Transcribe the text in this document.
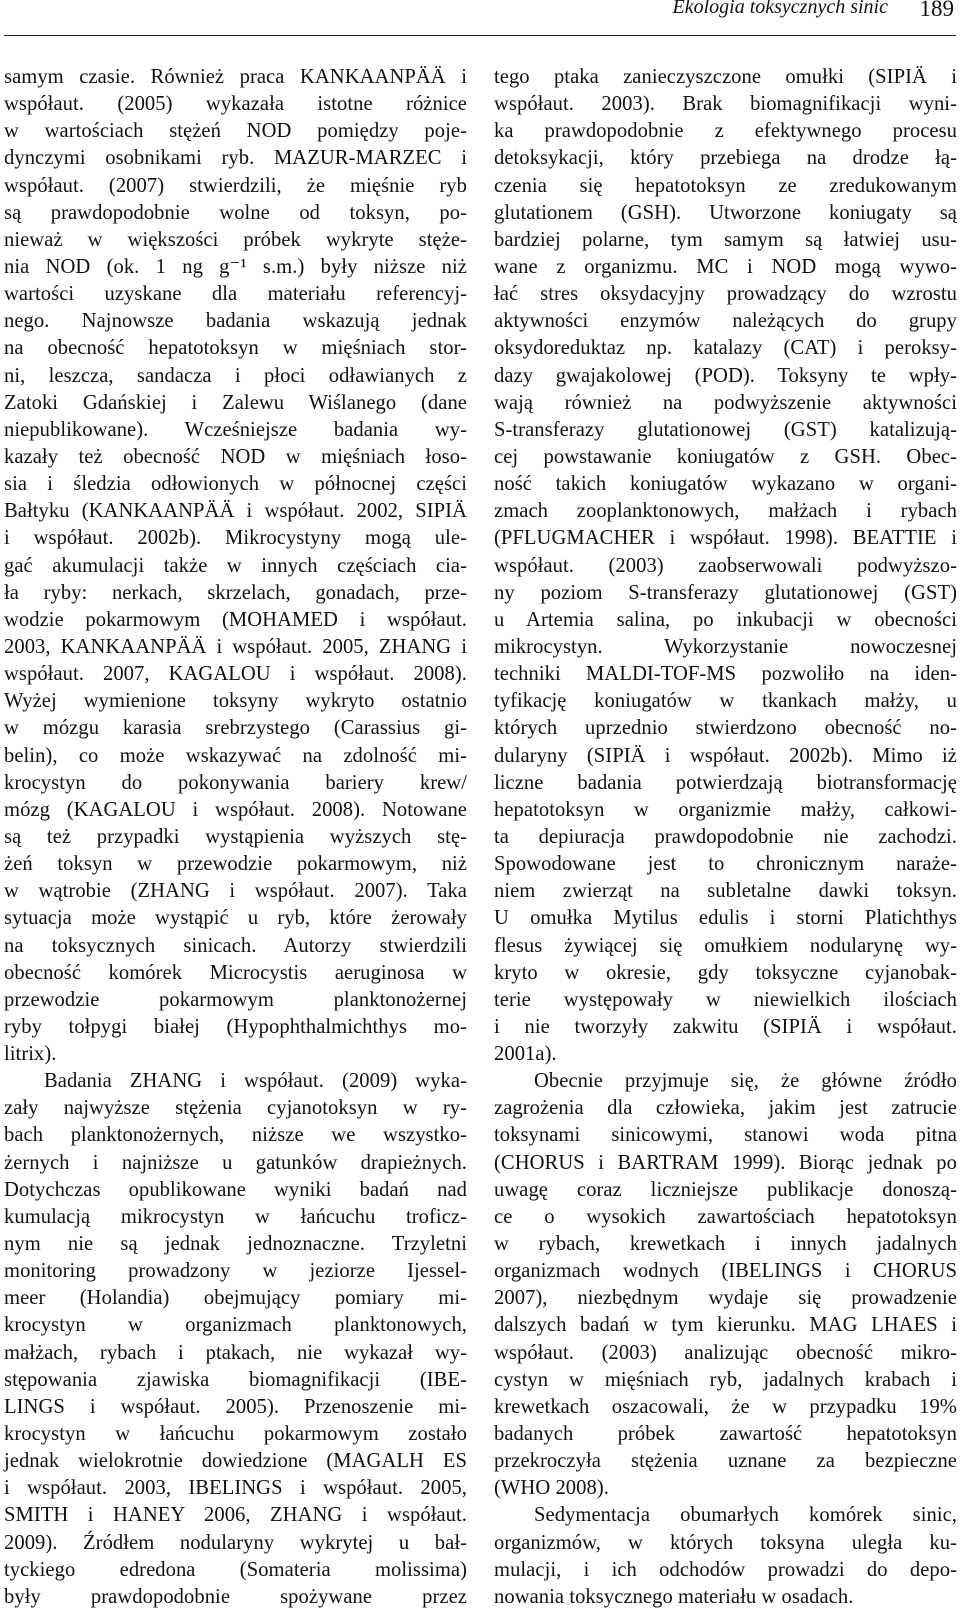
Ekologia toksycznych sinic 189
samym czasie. Również praca KANKAANPÄÄ i
współaut. (2005) wykazała istotne różnice
w wartościach stężeń NOD pomiędzy poje-
dynczymi osobnikami ryb. MAZUR-MARZEC i
współaut. (2007) stwierdzili, że mięśnie ryb
są prawdopodobnie wolne od toksyn, po-
nieważ w większości próbek wykryte stęże-
nia NOD (ok. 1 ng g⁻¹ s.m.) były niższe niż
wartości uzyskane dla materiału referencyj-
nego. Najnowsze badania wskazują jednak
na obecność hepatotoksyn w mięśniach stor-
ni, leszcza, sandacza i płoci odławianych z
Zatoki Gdańskiej i Zalewu Wiślanego (dane
niepublikowane). Wcześniejsze badania wy-
kazały też obecność NOD w mięśniach łoso-
sia i śledzia odłowionych w północnej części
Bałtyku (KANKAANPÄÄ i współaut. 2002, SIPIÄ
i współaut. 2002b). Mikrocystyny mogą ule-
gać akumulacji także w innych częściach cia-
ła ryby: nerkach, skrzelach, gonadach, prze-
wodzie pokarmowym (MOHAMED i współaut.
2003, KANKAANPÄÄ i współaut. 2005, ZHANG i
współaut. 2007, KAGALOU i współaut. 2008).
Wyżej wymienione toksyny wykryto ostatnio
w mózgu karasia srebrzystego (Carassius gi-
belin), co może wskazywać na zdolność mi-
krocystyn do pokonywania bariery krew/
mózg (KAGALOU i współaut. 2008). Notowane
są też przypadki wystąpienia wyższych stę-
żeń toksyn w przewodzie pokarmowym, niż
w wątrobie (ZHANG i współaut. 2007). Taka
sytuacja może wystąpić u ryb, które żerowały
na toksycznych sinicach. Autorzy stwierdzili
obecność komórek Microcystis aeruginosa w
przewodzie pokarmowym planktonożernej
ryby tołpygi białej (Hypophthalmichthys mo-
litrix).
Badania ZHANG i współaut. (2009) wyka-
zały najwyższe stężenia cyjanotoksyn w ry-
bach planktonożernych, niższe we wszystko-
żernych i najniższe u gatunków drapieżnych.
Dotychczas opublikowane wyniki badań nad
kumulacją mikrocystyn w łańcuchu troficz-
nym nie są jednak jednoznaczne. Trzyletni
monitoring prowadzony w jeziorze Ijessel-
meer (Holandia) obejmujący pomiary mi-
krocystyn w organizmach planktonowych,
małżach, rybach i ptakach, nie wykazał wy-
stępowania zjawiska biomagnifikacji (IBE-
LINGS i współaut. 2005). Przenoszenie mi-
krocystyn w łańcuchu pokarmowym zostało
jednak wielokrotnie dowiedzione (MAGALH ES
i współaut. 2003, IBELINGS i współaut. 2005,
SMITH i HANEY 2006, ZHANG i współaut.
2009). Źródłem nodularyny wykrytej u bał-
tyckiego edredona (Somateria molissima)
były prawdopodobnie spożywane przez
tego ptaka zanieczyszczone omułki (SIPIÄ i
współaut. 2003). Brak biomagnifikacji wyni-
ka prawdopodobnie z efektywnego procesu
detoksykacji, który przebiega na drodze łą-
czenia się hepatotoksyn ze zredukowanym
glutationem (GSH). Utworzone koniugaty są
bardziej polarne, tym samym są łatwiej usu-
wane z organizmu. MC i NOD mogą wywo-
łać stres oksydacyjny prowadzący do wzrostu
aktywności enzymów należących do grupy
oksydoreduktaz np. katalazy (CAT) i peroksy-
dazy gwajakolowej (POD). Toksyny te wpły-
wają również na podwyższenie aktywności
S-transferazy glutationowej (GST) katalizują-
cej powstawanie koniugatów z GSH. Obec-
ność takich koniugatów wykazano w organi-
zmach zooplanktonowych, małżach i rybach
(PFLUGMACHER i współaut. 1998). BEATTIE i
współaut. (2003) zaobserwowali podwyższo-
ny poziom S-transferazy glutationowej (GST)
u Artemia salina, po inkubacji w obecności
mikrocystyn. Wykorzystanie nowoczesnej
techniki MALDI-TOF-MS pozwoliło na iden-
tyfikację koniugatów w tkankach małży, u
których uprzednio stwierdzono obecność no-
dularyny (SIPIÄ i współaut. 2002b). Mimo iż
liczne badania potwierdzają biotransformację
hepatotoksyn w organizmie małży, całkowi-
ta depiuracja prawdopodobnie nie zachodzi.
Spowodowane jest to chronicznym naraże-
niem zwierząt na subletalne dawki toksyn.
U omułka Mytilus edulis i storni Platichthys
flesus żywiącej się omułkiem nodularynę wy-
kryto w okresie, gdy toksyczne cyjanobak-
terie występowały w niewielkich ilościach
i nie tworzyły zakwitu (SIPIÄ i współaut.
2001a).
Obecnie przyjmuje się, że główne źródło
zagrożenia dla człowieka, jakim jest zatrucie
toksynami sinicowymi, stanowi woda pitna
(CHORUS i BARTRAM 1999). Biorąc jednak po
uwagę coraz liczniejsze publikacje donoszą-
ce o wysokich zawartościach hepatotoksyn
w rybach, krewetkach i innych jadalnych
organizmach wodnych (IBELINGS i CHORUS
2007), niezbędnym wydaje się prowadzenie
dalszych badań w tym kierunku. MAG LHAES i
współaut. (2003) analizując obecność mikro-
cystyn w mięśniach ryb, jadalnych krabach i
krewetkach oszacowali, że w przypadku 19%
badanych próbek zawartość hepatotoksyn
przekroczyła stężenia uznane za bezpieczne
(WHO 2008).
Sedymentacja obumarłych komórek sinic,
organizmów, w których toksyna uległa ku-
mulacji, i ich odchodów prowadzi do depo-
nowania toksycznego materiału w osadach.
